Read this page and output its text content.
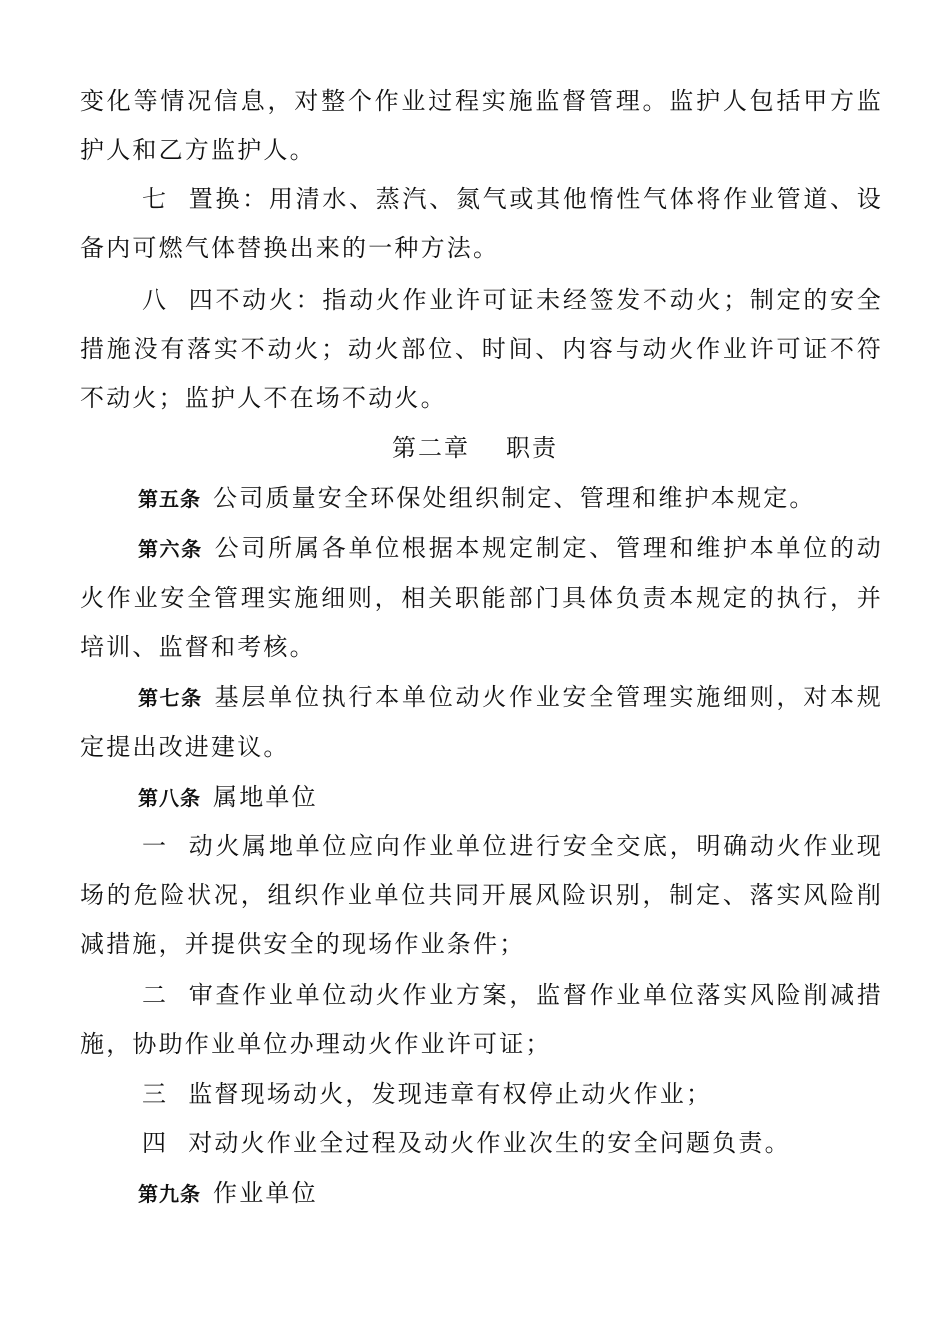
变化等情况信息，对整个作业过程实施监督管理。监护人包括甲方监护人和乙方监护人。

七 置换：用清水、蒸汽、氮气或其他惰性气体将作业管道、设备内可燃气体替换出来的一种方法。

八 四不动火：指动火作业许可证未经签发不动火；制定的安全措施没有落实不动火；动火部位、时间、内容与动火作业许可证不符不动火；监护人不在场不动火。

第二章 职责

第五条 公司质量安全环保处组织制定、管理和维护本规定。

第六条 公司所属各单位根据本规定制定、管理和维护本单位的动火作业安全管理实施细则，相关职能部门具体负责本规定的执行，并培训、监督和考核。

第七条 基层单位执行本单位动火作业安全管理实施细则，对本规定提出改进建议。

第八条 属地单位

一 动火属地单位应向作业单位进行安全交底，明确动火作业现场的危险状况，组织作业单位共同开展风险识别，制定、落实风险削减措施，并提供安全的现场作业条件；

二 审查作业单位动火作业方案，监督作业单位落实风险削减措施，协助作业单位办理动火作业许可证；

三 监督现场动火，发现违章有权停止动火作业；

四 对动火作业全过程及动火作业次生的安全问题负责。

第九条 作业单位
